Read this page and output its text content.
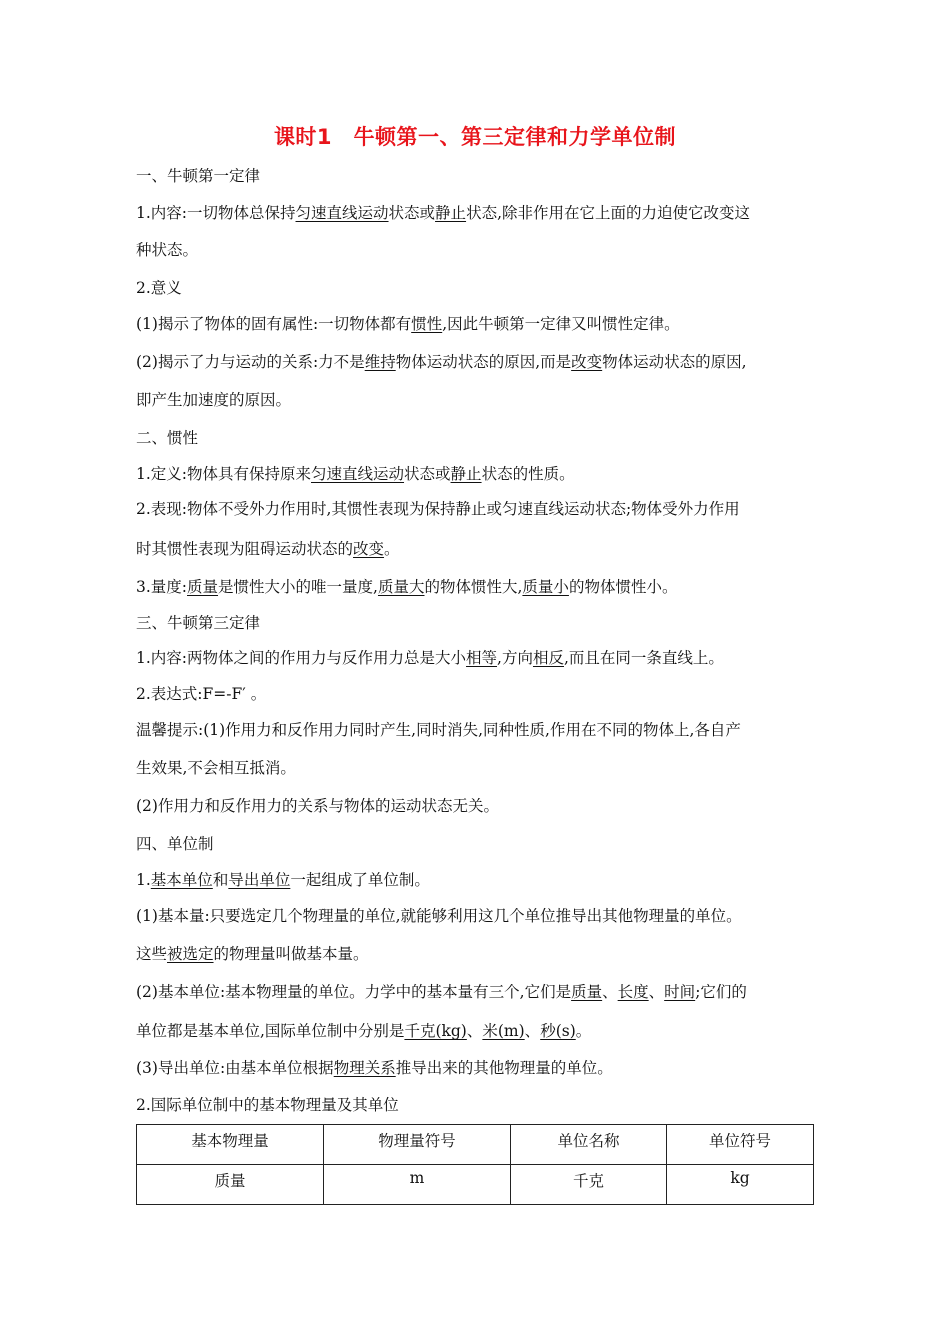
课时1　牛顿第一、第三定律和力学单位制
一、牛顿第一定律
1.内容:一切物体总保持匀速直线运动状态或静止状态,除非作用在它上面的力迫使它改变这
种状态。
2.意义
(1)揭示了物体的固有属性:一切物体都有惯性,因此牛顿第一定律又叫惯性定律。
(2)揭示了力与运动的关系:力不是维持物体运动状态的原因,而是改变物体运动状态的原因,
即产生加速度的原因。
二、惯性
1.定义:物体具有保持原来匀速直线运动状态或静止状态的性质。
2.表现:物体不受外力作用时,其惯性表现为保持静止或匀速直线运动状态;物体受外力作用
时其惯性表现为阻碍运动状态的改变。
3.量度:质量是惯性大小的唯一量度,质量大的物体惯性大,质量小的物体惯性小。
三、牛顿第三定律
1.内容:两物体之间的作用力与反作用力总是大小相等,方向相反,而且在同一条直线上。
2.表达式:F=-F′ 。
温馨提示:(1)作用力和反作用力同时产生,同时消失,同种性质,作用在不同的物体上,各自产
生效果,不会相互抵消。
(2)作用力和反作用力的关系与物体的运动状态无关。
四、单位制
1.基本单位和导出单位一起组成了单位制。
(1)基本量:只要选定几个物理量的单位,就能够利用这几个单位推导出其他物理量的单位。
这些被选定的物理量叫做基本量。
(2)基本单位:基本物理量的单位。力学中的基本量有三个,它们是质量、长度、时间;它们的
单位都是基本单位,国际单位制中分别是千克(kg)、米(m)、秒(s)。
(3)导出单位:由基本单位根据物理关系推导出来的其他物理量的单位。
2.国际单位制中的基本物理量及其单位
基本物理量	物理量符号	单位名称	单位符号
质量	m	千克	kg
